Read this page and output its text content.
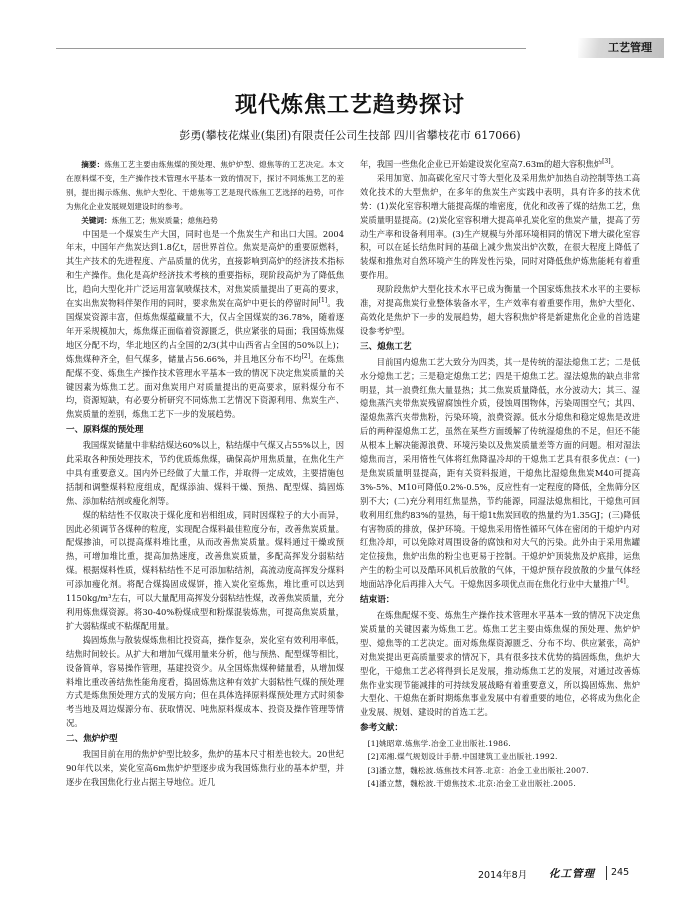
工艺管理
现代炼焦工艺趋势探讨
彭勇(攀枝花煤业(集团)有限责任公司生技部 四川省攀枝花市 617066)

摘要：炼焦工艺主要由炼焦煤的预处理、焦炉炉型、熄焦等的工艺决定。本文在原料煤不变，生产操作技术管理水平基本一致的情况下，探讨不同炼焦工艺的差别，提出揭示炼焦、焦炉大型化、干熄焦等工艺是现代炼焦工艺选择的趋势，可作为焦化企业发展规划建设时的参考。

关键词：炼焦工艺；焦炭质量；熄焦趋势

中国是一个煤炭生产大国，同时也是一个焦炭生产和出口大国。2004年末，中国年产焦炭达到1.8亿t，居世界首位。焦炭是高炉的重要原燃料，其生产技术的先进程度、产品质量的优劣，直接影响到高炉的经济技术指标和生产操作。焦化是高炉经济技术考核的重要指标，现阶段高炉为了降低焦比，趋向大型化并广泛运用富氧喷煤技术，对焦炭质量提出了更高的要求，在实出焦炭物料伴架作用的同时，要求焦炭在高炉中更长的停留时间[1]。我国煤炭资源丰富，但炼焦煤蕴藏量不大，仅占全国煤炭的36.78%，随着逐年开采规模加大，炼焦煤正面临着资源匮乏，供应紧张的局面；我国炼焦煤地区分配不均，华北地区约占全国的2/3(其中山西省占全国的50%以上)；炼焦煤种齐全，但气煤多，储量占56.66%，并且地区分布不均[2]。在炼焦配煤不变、炼焦生产操作技术管理水平基本一致的情况下决定焦炭质量的关键因素为炼焦工艺。面对焦炭用户对质量提出的更高要求，原料煤分布不均，资源短缺，有必要分析研究不同炼焦工艺情况下资源利用、焦炭生产、焦炭质量的差别，炼焦工艺下一步的发展趋势。

一、原料煤的预处理

我国煤炭储量中非粘结煤达60%以上，粘结煤中气煤又占55%以上，因此采取各种预处理技术，节约优质炼焦煤，确保高炉用焦质量，在焦化生产中具有重要意义。国内外已经做了大量工作，并取得一定成效，主要措施包括制和调整煤料粒度组成，配煤添油、煤料干燥、预热、配型煤、捣固炼焦、添加粘结剂或瘦化剂等。

煤的粘结性不仅取决于煤化度和岩相组成，同时因煤粒子的大小而异，因此必须调节各煤种的粒度，实现配合煤料最佳粒度分布，改善焦炭质量。配煤掺油，可以提高煤料堆比重，从而改善焦炭质量。煤料通过干燥或预热，可增加堆比重，提高加热速度，改善焦炭质量，多配高挥发分弱粘结煤。根据煤料性质，煤料粘结性不足可添加粘结剂，高流动度高挥发分煤料可添加瘦化剂。将配合煤捣固成煤饼，推入炭化室炼焦，堆比重可以达到1150kg/m³左右，可以大量配用高挥发分弱粘结性煤，改善焦炭质量，充分利用炼焦煤资源。将30-40%粉煤成型和粉煤混装炼焦，可提高焦炭质量，扩大弱粘煤或不粘煤配用量。

捣固炼焦与散装煤炼焦相比投资高，操作复杂，炭化室有效利用率低，结焦时间较长。从扩大和增加气煤用量来分析，他与预热、配型煤等相比，设备简单，容易操作管理，基建投资少。从全国炼焦煤种储量看，从增加煤料堆比重改善结焦性能角度看，捣固炼焦这种有效扩大弱粘性气煤的预处理方式是炼焦预处理方式的发展方向；但在具体选择原料煤预处理方式时须参考当地及周边煤源分布、获取情况、吨焦原料煤成本、投资及操作管理等情况。

二、焦炉炉型

我国目前在用的焦炉炉型比较多，焦炉的基本尺寸相差也较大。20世纪90年代以来，炭化室高6m焦炉炉型逐步成为我国炼焦行业的基本炉型，并逐步在我国焦化行业占据主导地位。近几

年，我国一些焦化企业已开始建设炭化室高7.63m的超大容积焦炉[3]。

采用加宽、加高碳化室尺寸等大型化及采用焦炉加热自动控制等热工高效化技术的大型焦炉，在多年的焦炭生产实践中表明，具有许多的技术优势：(1)炭化室容积增大能提高煤的堆密度，优化和改善了煤的结焦工艺，焦炭质量明显提高。(2)炭化室容积增大提高单孔炭化室的焦炭产量，提高了劳动生产率和设备利用率。(3)生产规模与外部环境相同的情况下增大碳化室容积，可以在延长结焦时间的基础上减少焦炭出炉次数，在很大程度上降低了装煤和推焦对自然环境产生的阵发性污染，同时对降低焦炉炼焦能耗有着重要作用。

现阶段焦炉大型化技术水平已成为衡量一个国家炼焦技术水平的主要标准，对提高焦炭行业整体装备水平，生产效率有着重要作用，焦炉大型化、高效化是焦炉下一步的发展趋势，超大容积焦炉将是新建焦化企业的首选建设参考炉型。

三、熄焦工艺

目前国内熄焦工艺大致分为四类，其一是传统的湿法熄焦工艺；二是低水分熄焦工艺；三是稳定熄焦工艺；四是干熄焦工艺。湿法熄焦的缺点非常明显，其一浪费红焦大量显热；其二焦炭质量降低，水分波动大；其三、湿熄焦蒸汽夹带焦炭残留腐蚀性介质，侵蚀周围物体，污染周围空气；其四、湿熄焦蒸汽夹带焦粉，污染环境，浪费资源。低水分熄焦和稳定熄焦是改进后的两种湿熄焦工艺，虽然在某些方面缓解了传统湿熄焦的不足，但还不能从根本上解决能源浪费、环境污染以及焦炭质量差等方面的问题。相对湿法熄焦而言，采用惰性气体将红焦降温冷却的干熄焦工艺具有很多优点：(一)是焦炭质量明显提高，距有关资料报道，干熄焦比湿熄焦焦炭M40可提高3%-5%、M10可降低0.2%-0.5%，反应性有一定程度的降低，全焦筛分区别不大；(二)充分利用红焦显热，节约能源，同湿法熄焦相比，干熄焦可回收利用红焦约83%的显热，每干熄1t焦炭回收的热量约为1.35GJ；(三)降低有害物质的排放，保护环境。干熄焦采用惰性循环气体在密闭的干熄炉内对红焦冷却，可以免除对周围设备的腐蚀和对大气的污染。此外由于采用焦罐定位接焦，焦炉出焦的粉尘也更易于控制。干熄炉炉顶装焦及炉底排，运焦产生的粉尘可以及酷环风机后放散的气体，干熄炉预存段放散的少量气体经地面站净化后再排入大气。干熄焦因多项优点而在焦化行业中大量推广[4]。

结束语：

在炼焦配煤不变、炼焦生产操作技术管理水平基本一致的情况下决定焦炭质量的关键因素为炼焦工艺。炼焦工艺主要由炼焦煤的预处理、焦炉炉型、熄焦等的工艺决定。面对炼焦煤资源匮乏、分布不均、供应紧张，高炉对焦炭提出更高质量要求的情况下，具有很多技术优势的捣固炼焦，焦炉大型化，干熄焦工艺必将得到长足发展，推动炼焦工艺的发展，对通过改善炼焦作业实现节能减排的可持续发展战略有着重要意义，所以捣固炼焦、焦炉大型化、干熄焦在新时期炼焦事业发展中有着重要的地位，必将成为焦化企业发展、规划、建设时的首选工艺。

参考文献：
[1]姚昭章.炼焦学.冶金工业出版社.1986.
[2]邓湘.煤气规划设计手册.中国建筑工业出版社.1992.
[3]潘立慧，魏松波.炼焦技术问答.北京：冶金工业出版社.2007.
[4]潘立慧，魏松波.干熄焦技术.北京:冶金工业出版社.2005.
2014年8月 化工管理 245
